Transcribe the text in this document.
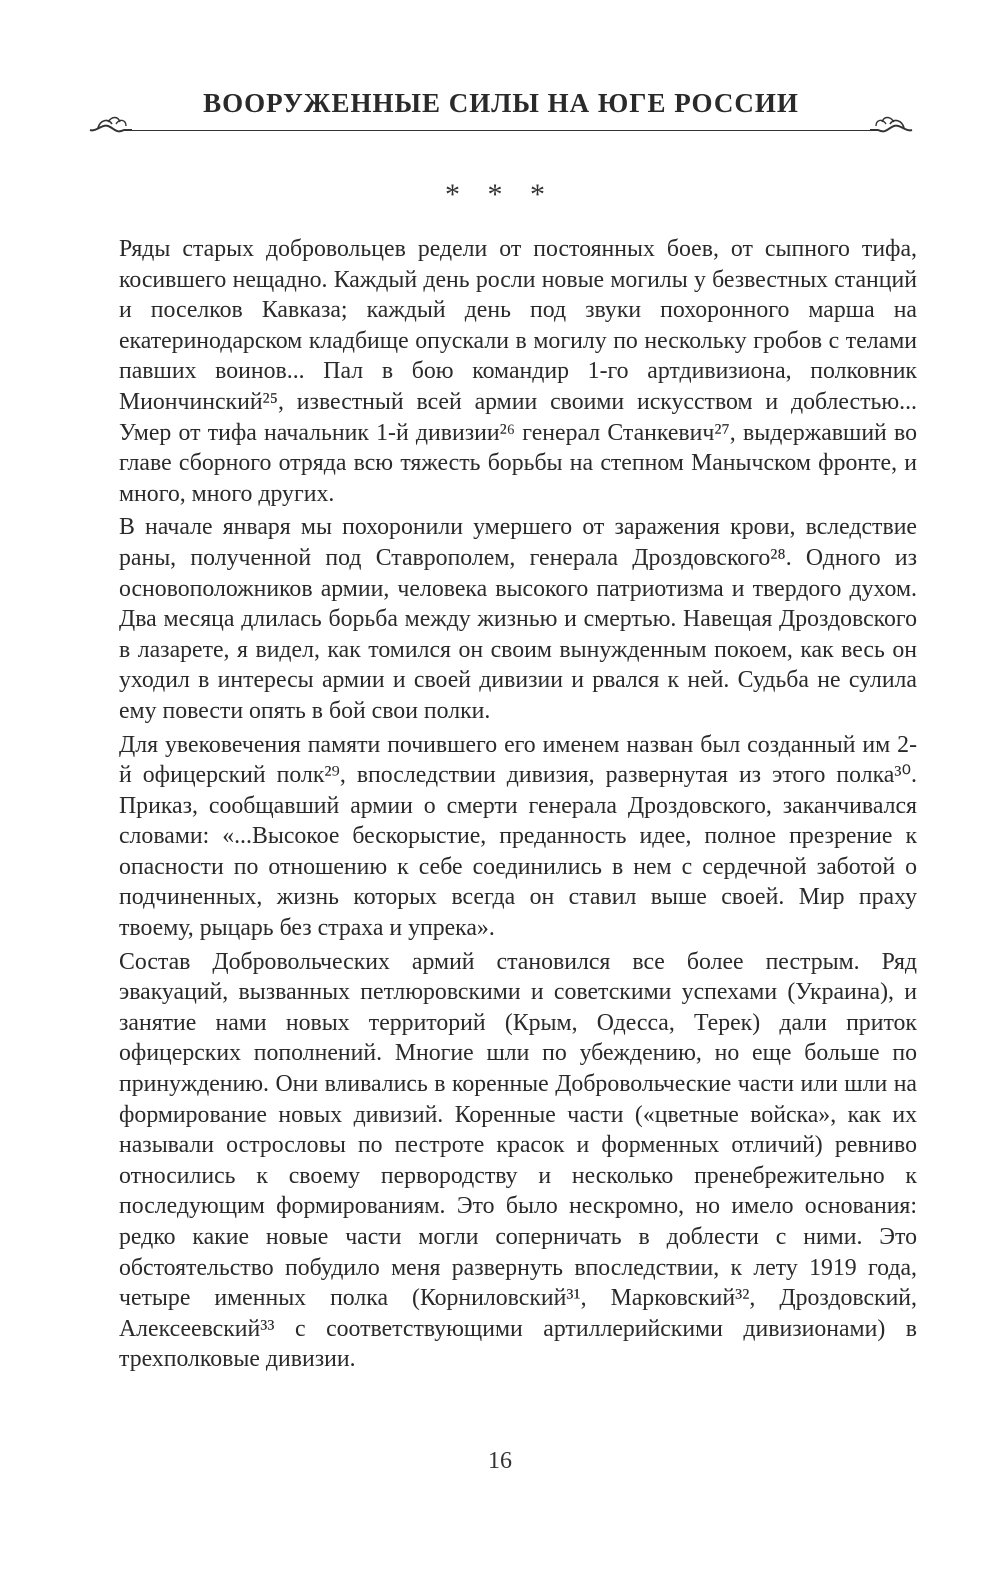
ВООРУЖЕННЫЕ СИЛЫ НА ЮГЕ РОССИИ
* * *

Ряды старых добровольцев редели от постоянных боев, от сыпного тифа, косившего нещадно. Каждый день росли новые могилы у безвестных станций и поселков Кавказа; каждый день под звуки похоронного марша на екатеринодарском кладбище опускали в могилу по нескольку гробов с телами павших воинов... Пал в бою командир 1-го артдивизиона, полковник Миончинский²⁵, известный всей армии своими искусством и доблестью... Умер от тифа начальник 1-й дивизии²⁶ генерал Станкевич²⁷, выдержавший во главе сборного отряда всю тяжесть борьбы на степном Манычском фронте, и много, много других.

В начале января мы похоронили умершего от заражения крови, вследствие раны, полученной под Ставрополем, генерала Дроздовского²⁸. Одного из основоположников армии, человека высокого патриотизма и твердого духом. Два месяца длилась борьба между жизнью и смертью. Навещая Дроздовского в лазарете, я видел, как томился он своим вынужденным покоем, как весь он уходил в интересы армии и своей дивизии и рвался к ней. Судьба не сулила ему повести опять в бой свои полки.

Для увековечения памяти почившего его именем назван был созданный им 2-й офицерский полк²⁹, впоследствии дивизия, развернутая из этого полка³⁰. Приказ, сообщавший армии о смерти генерала Дроздовского, заканчивался словами: «...Высокое бескорыстие, преданность идее, полное презрение к опасности по отношению к себе соединились в нем с сердечной заботой о подчиненных, жизнь которых всегда он ставил выше своей. Мир праху твоему, рыцарь без страха и упрека».

Состав Добровольческих армий становился все более пестрым. Ряд эвакуаций, вызванных петлюровскими и советскими успехами (Украина), и занятие нами новых территорий (Крым, Одесса, Терек) дали приток офицерских пополнений. Многие шли по убеждению, но еще больше по принуждению. Они вливались в коренные Добровольческие части или шли на формирование новых дивизий. Коренные части («цветные войска», как их называли острословы по пестроте красок и форменных отличий) ревниво относились к своему первородству и несколько пренебрежительно к последующим формированиям. Это было нескромно, но имело основания: редко какие новые части могли соперничать в доблести с ними. Это обстоятельство побудило меня развернуть впоследствии, к лету 1919 года, четыре именных полка (Корниловский³¹, Марковский³², Дроздовский, Алексеевский³³ с соответствующими артиллерийскими дивизионами) в трехполковые дивизии.

16
